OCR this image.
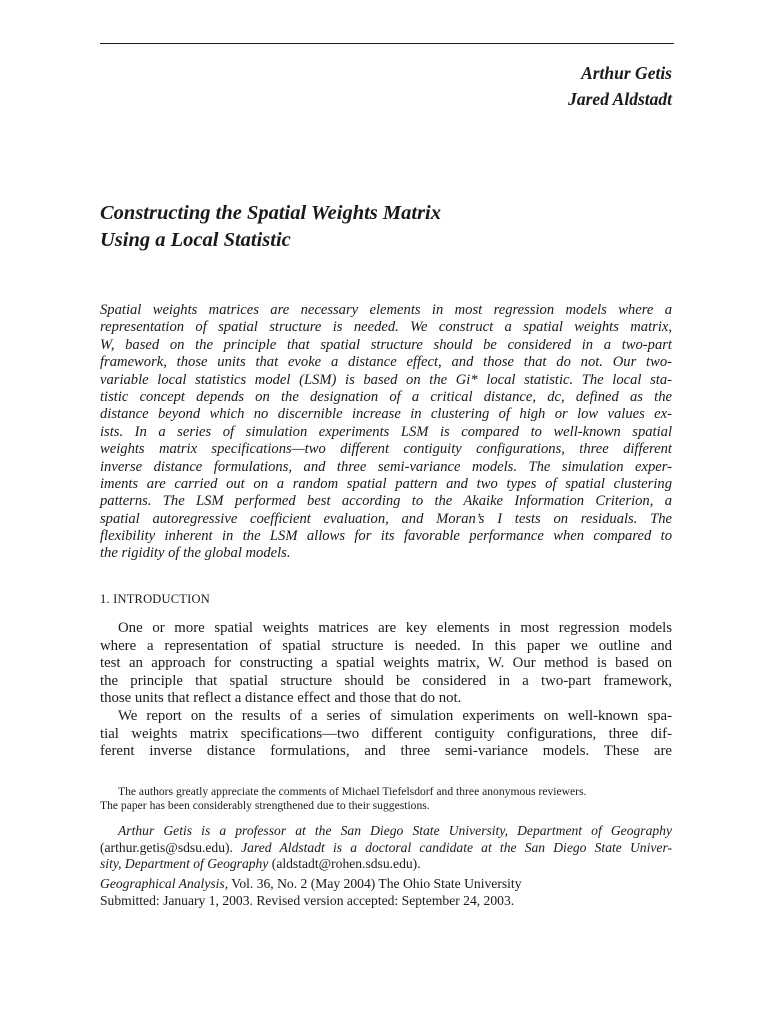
Arthur Getis
Jared Aldstadt
Constructing the Spatial Weights Matrix
Using a Local Statistic
Spatial weights matrices are necessary elements in most regression models where a
representation of spatial structure is needed. We construct a spatial weights matrix,
W, based on the principle that spatial structure should be considered in a two-part
framework, those units that evoke a distance effect, and those that do not. Our two-
variable local statistics model (LSM) is based on the Gi* local statistic. The local sta-
tistic concept depends on the designation of a critical distance, dc, defined as the
distance beyond which no discernible increase in clustering of high or low values ex-
ists. In a series of simulation experiments LSM is compared to well-known spatial
weights matrix specifications—two different contiguity configurations, three different
inverse distance formulations, and three semi-variance models. The simulation exper-
iments are carried out on a random spatial pattern and two types of spatial clustering
patterns. The LSM performed best according to the Akaike Information Criterion, a
spatial autoregressive coefficient evaluation, and Moran’s I tests on residuals. The
flexibility inherent in the LSM allows for its favorable performance when compared to
the rigidity of the global models.
1. INTRODUCTION
One or more spatial weights matrices are key elements in most regression models
where a representation of spatial structure is needed. In this paper we outline and
test an approach for constructing a spatial weights matrix, W. Our method is based on
the principle that spatial structure should be considered in a two-part framework,
those units that reflect a distance effect and those that do not.
We report on the results of a series of simulation experiments on well-known spa-
tial weights matrix specifications—two different contiguity configurations, three dif-
ferent inverse distance formulations, and three semi-variance models. These are
The authors greatly appreciate the comments of Michael Tiefelsdorf and three anonymous reviewers.
The paper has been considerably strengthened due to their suggestions.
Arthur Getis is a professor at the San Diego State University, Department of Geography
(arthur.getis@sdsu.edu). Jared Aldstadt is a doctoral candidate at the San Diego State Univer-
sity, Department of Geography (aldstadt@rohen.sdsu.edu).
Geographical Analysis, Vol. 36, No. 2 (May 2004) The Ohio State University
Submitted: January 1, 2003. Revised version accepted: September 24, 2003.
